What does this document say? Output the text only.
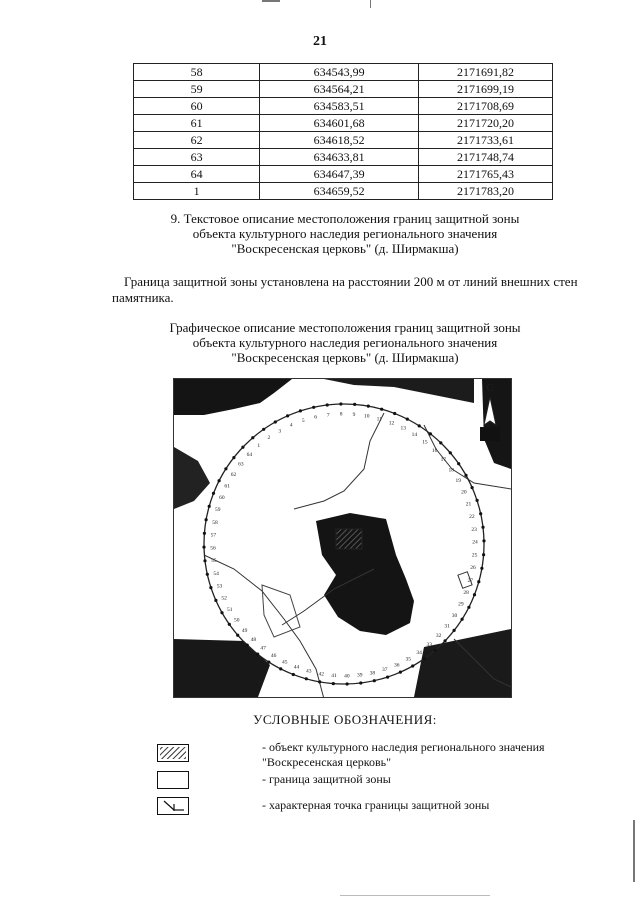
21
58	634543,99	2171691,82
59	634564,21	2171699,19
60	634583,51	2171708,69
61	634601,68	2171720,20
62	634618,52	2171733,61
63	634633,81	2171748,74
64	634647,39	2171765,43
1	634659,52	2171783,20
9. Текстовое описание местоположения границ защитной зоны
объекта культурного наследия регионального значения
"Воскресенская церковь" (д. Ширмакша)
Граница защитной зоны установлена на расстоянии 200 м от линий внешних стен памятника.
Графическое описание местоположения границ защитной зоны
объекта культурного наследия регионального значения
"Воскресенская церковь" (д. Ширмакша)
10 11
12
13
14
15
16
17
18
19
20
21
22
23
24
25
26
27
28
29
30
31
32
33
34
35
36
37
38
39
40
41
42
43
44
45
46
47
48
49
50
51
52
53
54
55
56
57
58
59
60
61
62
63
64
1
2
3
4
5
6 7 8 9
С
УСЛОВНЫЕ ОБОЗНАЧЕНИЯ:
- объект культурного наследия регионального значения "Воскресенская церковь"
- граница защитной зоны
- характерная точка границы защитной зоны
